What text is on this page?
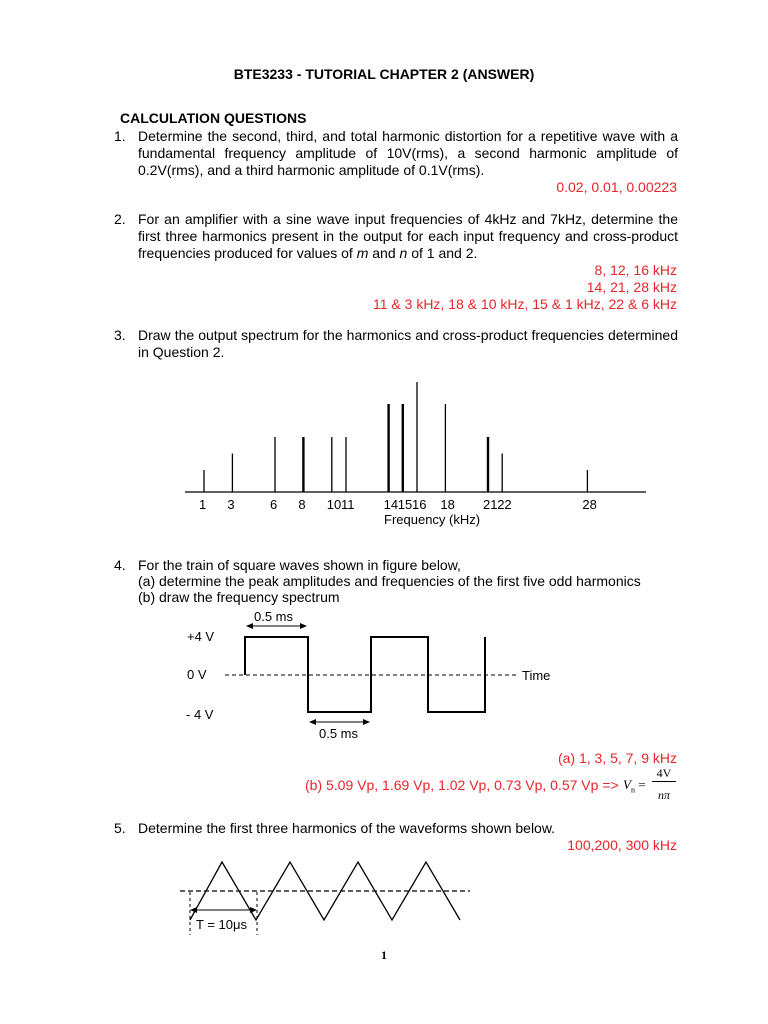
BTE3233 - TUTORIAL CHAPTER 2 (ANSWER)
CALCULATION QUESTIONS
1. Determine the second, third, and total harmonic distortion for a repetitive wave with a
fundamental frequency amplitude of 10V(rms), a second harmonic amplitude of
0.2V(rms), and a third harmonic amplitude of 0.1V(rms).
0.02, 0.01, 0.00223
2. For an amplifier with a sine wave input frequencies of 4kHz and 7kHz, determine the
first three harmonics present in the output for each input frequency and cross-product
frequencies produced for values of m and n of 1 and 2.
8, 12, 16 kHz
14, 21, 28 kHz
11 & 3 kHz, 18 & 10 kHz, 15 & 1 kHz, 22 & 6 kHz
3. Draw the output spectrum for the harmonics and cross-product frequencies determined
in Question 2.
1 3	6 8 10 11 14 15 16 18 21 22	28
Frequency (kHz)
4. For the train of square waves shown in figure below,
(a) determine the peak amplitudes and frequencies of the first five odd harmonics
(b) draw the frequency spectrum
0.5 ms
+4 V
0 V	Time
- 4 V
0.5 ms
(a) 1, 3, 5, 7, 9 kHz
(b) 5.09 Vp, 1.69 Vp, 1.02 Vp, 0.73 Vp, 0.57 $Vp => V_n$ =
4V
nπ
5. Determine the first three harmonics of the waveforms shown below.
100,200, 300 kHz
T = 10μs
1
